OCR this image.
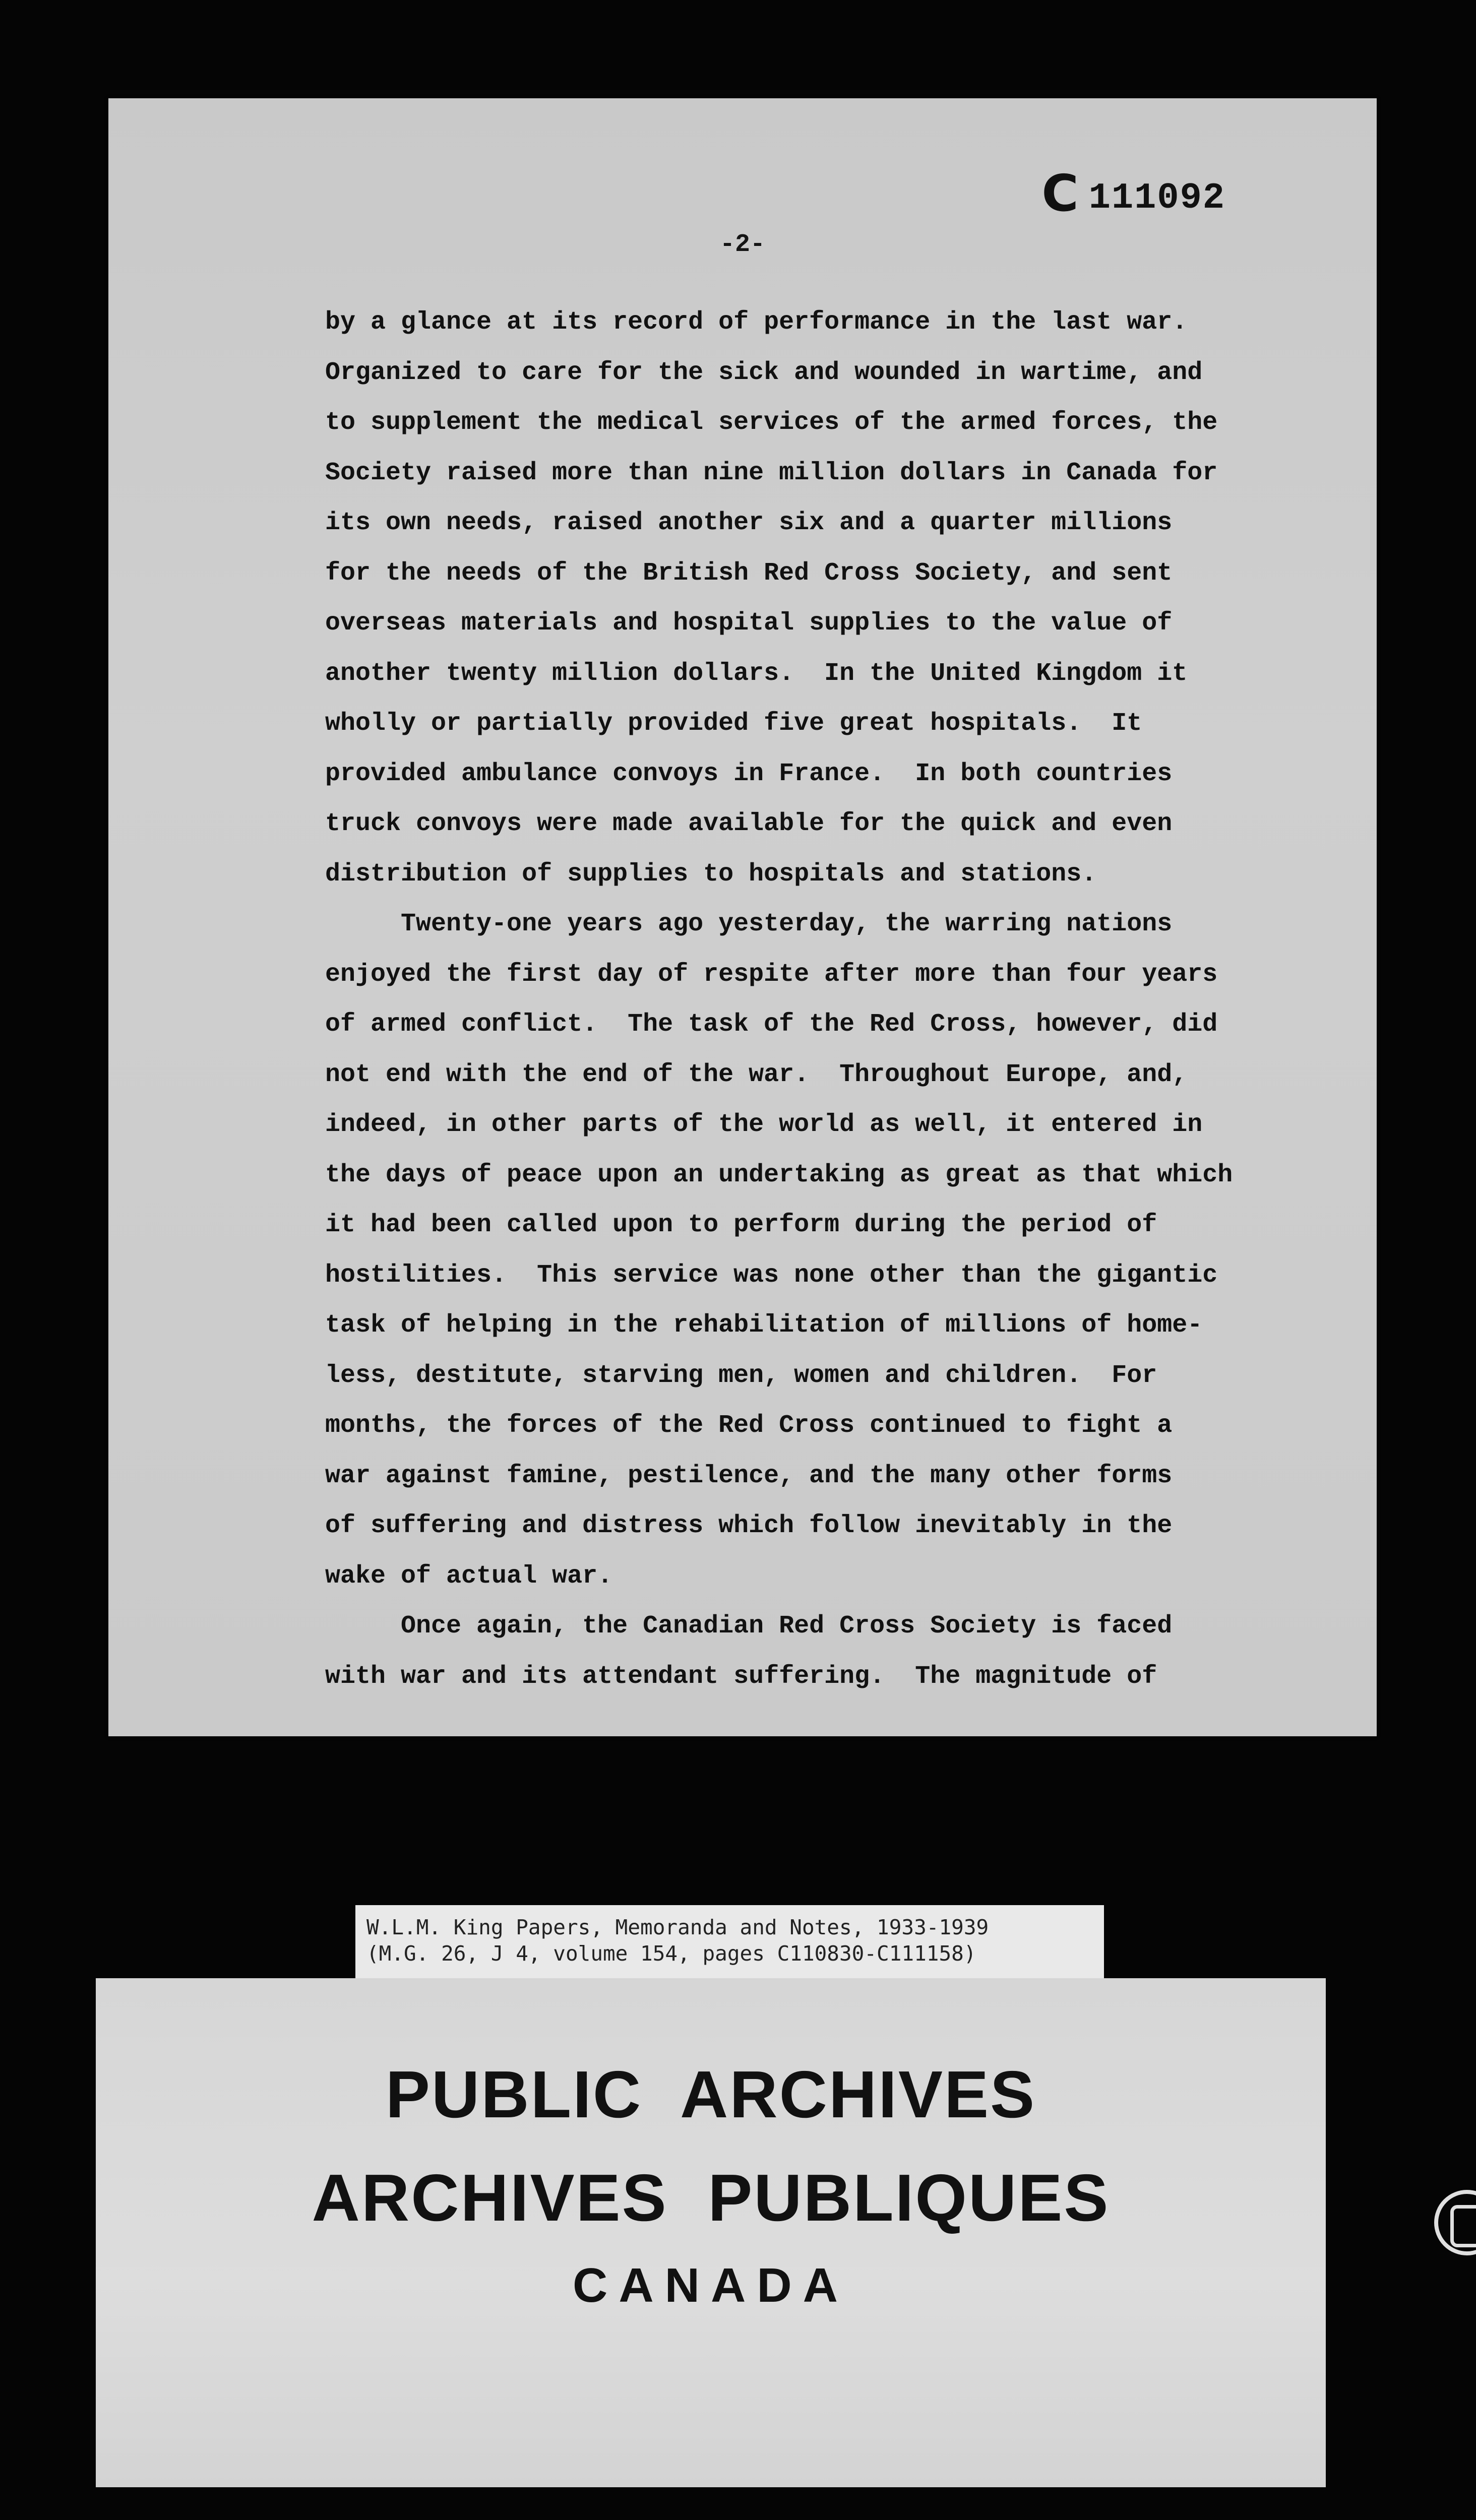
C 111092
-2-
by a glance at its record of performance in the last war.
Organized to care for the sick and wounded in wartime, and
to supplement the medical services of the armed forces, the
Society raised more than nine million dollars in Canada for
its own needs, raised another six and a quarter millions
for the needs of the British Red Cross Society, and sent
overseas materials and hospital supplies to the value of
another twenty million dollars.  In the United Kingdom it
wholly or partially provided five great hospitals.  It
provided ambulance convoys in France.  In both countries
truck convoys were made available for the quick and even
distribution of supplies to hospitals and stations.
Twenty-one years ago yesterday, the warring nations
enjoyed the first day of respite after more than four years
of armed conflict.  The task of the Red Cross, however, did
not end with the end of the war.  Throughout Europe, and,
indeed, in other parts of the world as well, it entered in
the days of peace upon an undertaking as great as that which
it had been called upon to perform during the period of
hostilities.  This service was none other than the gigantic
task of helping in the rehabilitation of millions of home-
less, destitute, starving men, women and children.  For
months, the forces of the Red Cross continued to fight a
war against famine, pestilence, and the many other forms
of suffering and distress which follow inevitably in the
wake of actual war.
Once again, the Canadian Red Cross Society is faced
with war and its attendant suffering.  The magnitude of
W.L.M. King Papers, Memoranda and Notes, 1933-1939
(M.G. 26, J 4, volume 154, pages C110830-C111158)
PUBLIC ARCHIVES
ARCHIVES PUBLIQUES
CANADA
